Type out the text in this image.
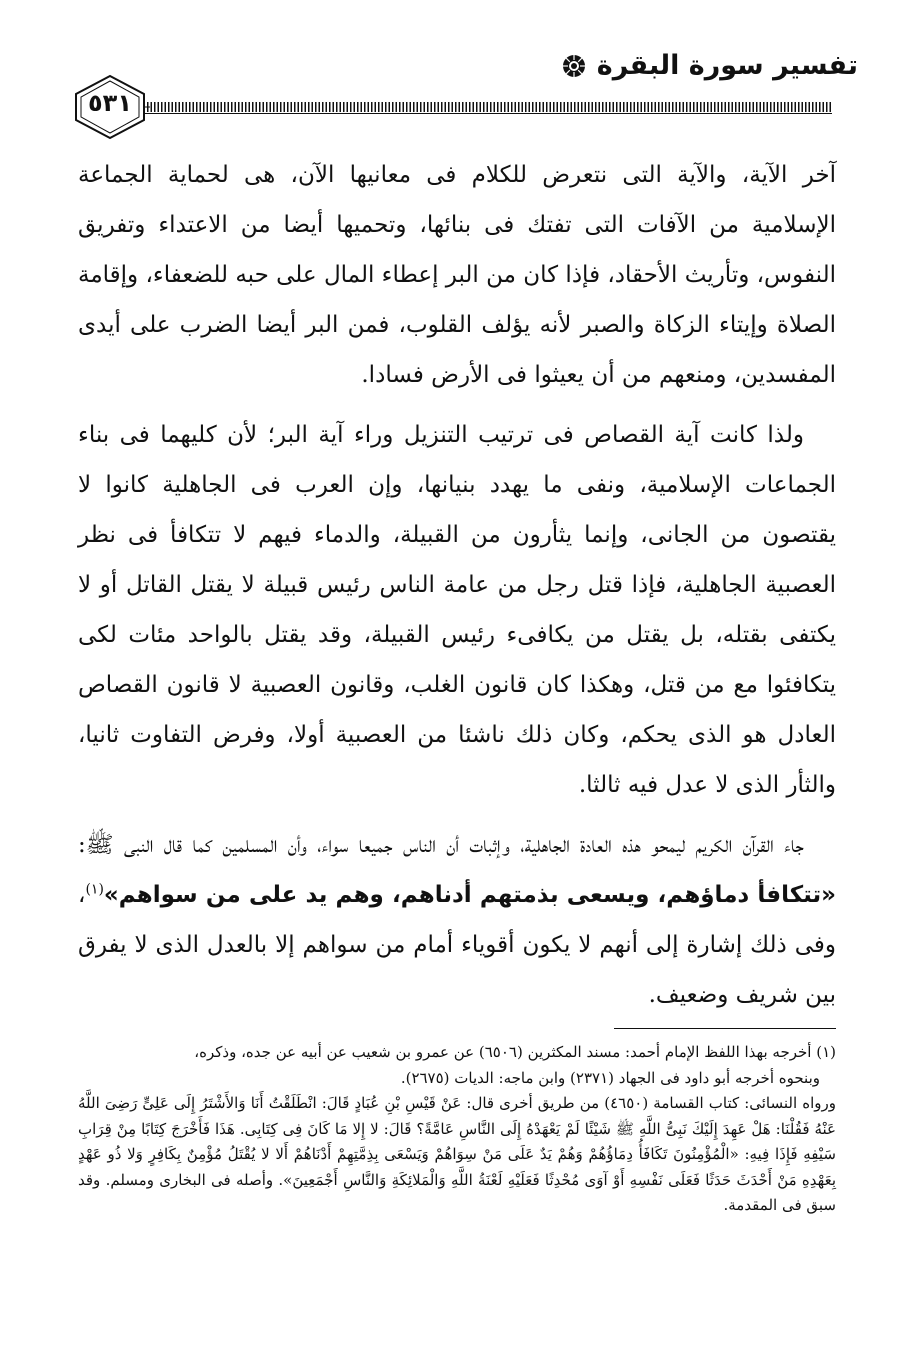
تفسير سورة البقرة
٥٣١

آخر الآية، والآية التى نتعرض للكلام فى معانيها الآن، هى لحماية الجماعة الإسلامية من الآفات التى تفتك فى بنائها، وتحميها أيضا من الاعتداء وتفريق النفوس، وتأريث الأحقاد، فإذا كان من البر إعطاء المال على حبه للضعفاء، وإقامة الصلاة وإيتاء الزكاة والصبر لأنه يؤلف القلوب، فمن البر أيضا الضرب على أيدى المفسدين، ومنعهم من أن يعيثوا فى الأرض فسادا.

ولذا كانت آية القصاص فى ترتيب التنزيل وراء آية البر؛ لأن كليهما فى بناء الجماعات الإسلامية، ونفى ما يهدد بنيانها، وإن العرب فى الجاهلية كانوا لا يقتصون من الجانى، وإنما يثأرون من القبيلة، والدماء فيهم لا تتكافأ فى نظر العصبية الجاهلية، فإذا قتل رجل من عامة الناس رئيس قبيلة لا يقتل القاتل أو لا يكتفى بقتله، بل يقتل من يكافىء رئيس القبيلة، وقد يقتل بالواحد مئات لكى يتكافئوا مع من قتل، وهكذا كان قانون الغلب، وقانون العصبية لا قانون القصاص العادل هو الذى يحكم، وكان ذلك ناشئا من العصبية أولا، وفرض التفاوت ثانيا، والثأر الذى لا عدل فيه ثالثا.

جاء القرآن الكريم ليمحو هذه العادة الجاهلية، وإثبات أن الناس جميعا سواء، وأن المسلمين كما قال النبى ﷺ: «تتكافأ دماؤهم، ويسعى بذمتهم أدناهم، وهم يد على من سواهم»$^{(١)}$، وفى ذلك إشارة إلى أنهم لا يكون أقوياء أمام من سواهم إلا بالعدل الذى لا يفرق بين شريف وضعيف.

(١) أخرجه بهذا اللفظ الإمام أحمد: مسند المكثرين (٦٥٠٦) عن عمرو بن شعيب عن أبيه عن جده، وذكره،

وبنحوه أخرجه أبو داود فى الجهاد (٢٣٧١) وابن ماجه: الديات (٢٦٧٥).

ورواه النسائى: كتاب القسامة (٤٦٥٠) من طريق أخرى قال: عَنْ قَيْسِ بْنِ عُبَادٍ قَالَ: انْطَلَقْتُ أَنَا وَالأَشْتَرُ إِلَى عَلِىٍّ رَضِىَ اللَّهُ عَنْهُ فَقُلْنَا: هَلْ عَهِدَ إِلَيْكَ نَبِىُّ اللَّهِ ﷺ شَيْئًا لَمْ يَعْهَدْهُ إِلَى النَّاسِ عَامَّةً؟ قَالَ: لا إِلا مَا كَانَ فِى كِتَابِى. هَذَا فَأَخْرَجَ كِتَابًا مِنْ قِرَابِ سَيْفِهِ فَإِذَا فِيهِ: «الْمُؤْمِنُونَ تَكَافَأُ دِمَاؤُهُمْ وَهُمْ يَدٌ عَلَى مَنْ سِوَاهُمْ وَيَسْعَى بِذِمَّتِهِمْ أَدْنَاهُمْ أَلا لا يُقْتَلُ مُؤْمِنٌ بِكَافِرٍ وَلا ذُو عَهْدٍ بِعَهْدِهِ مَنْ أَحْدَثَ حَدَثًا فَعَلَى نَفْسِهِ أَوْ آوَى مُحْدِثًا فَعَلَيْهِ لَعْنَةُ اللَّهِ وَالْمَلائِكَةِ وَالنَّاسِ أَجْمَعِينَ». وأصله فى البخارى ومسلم. وقد سبق فى المقدمة.
